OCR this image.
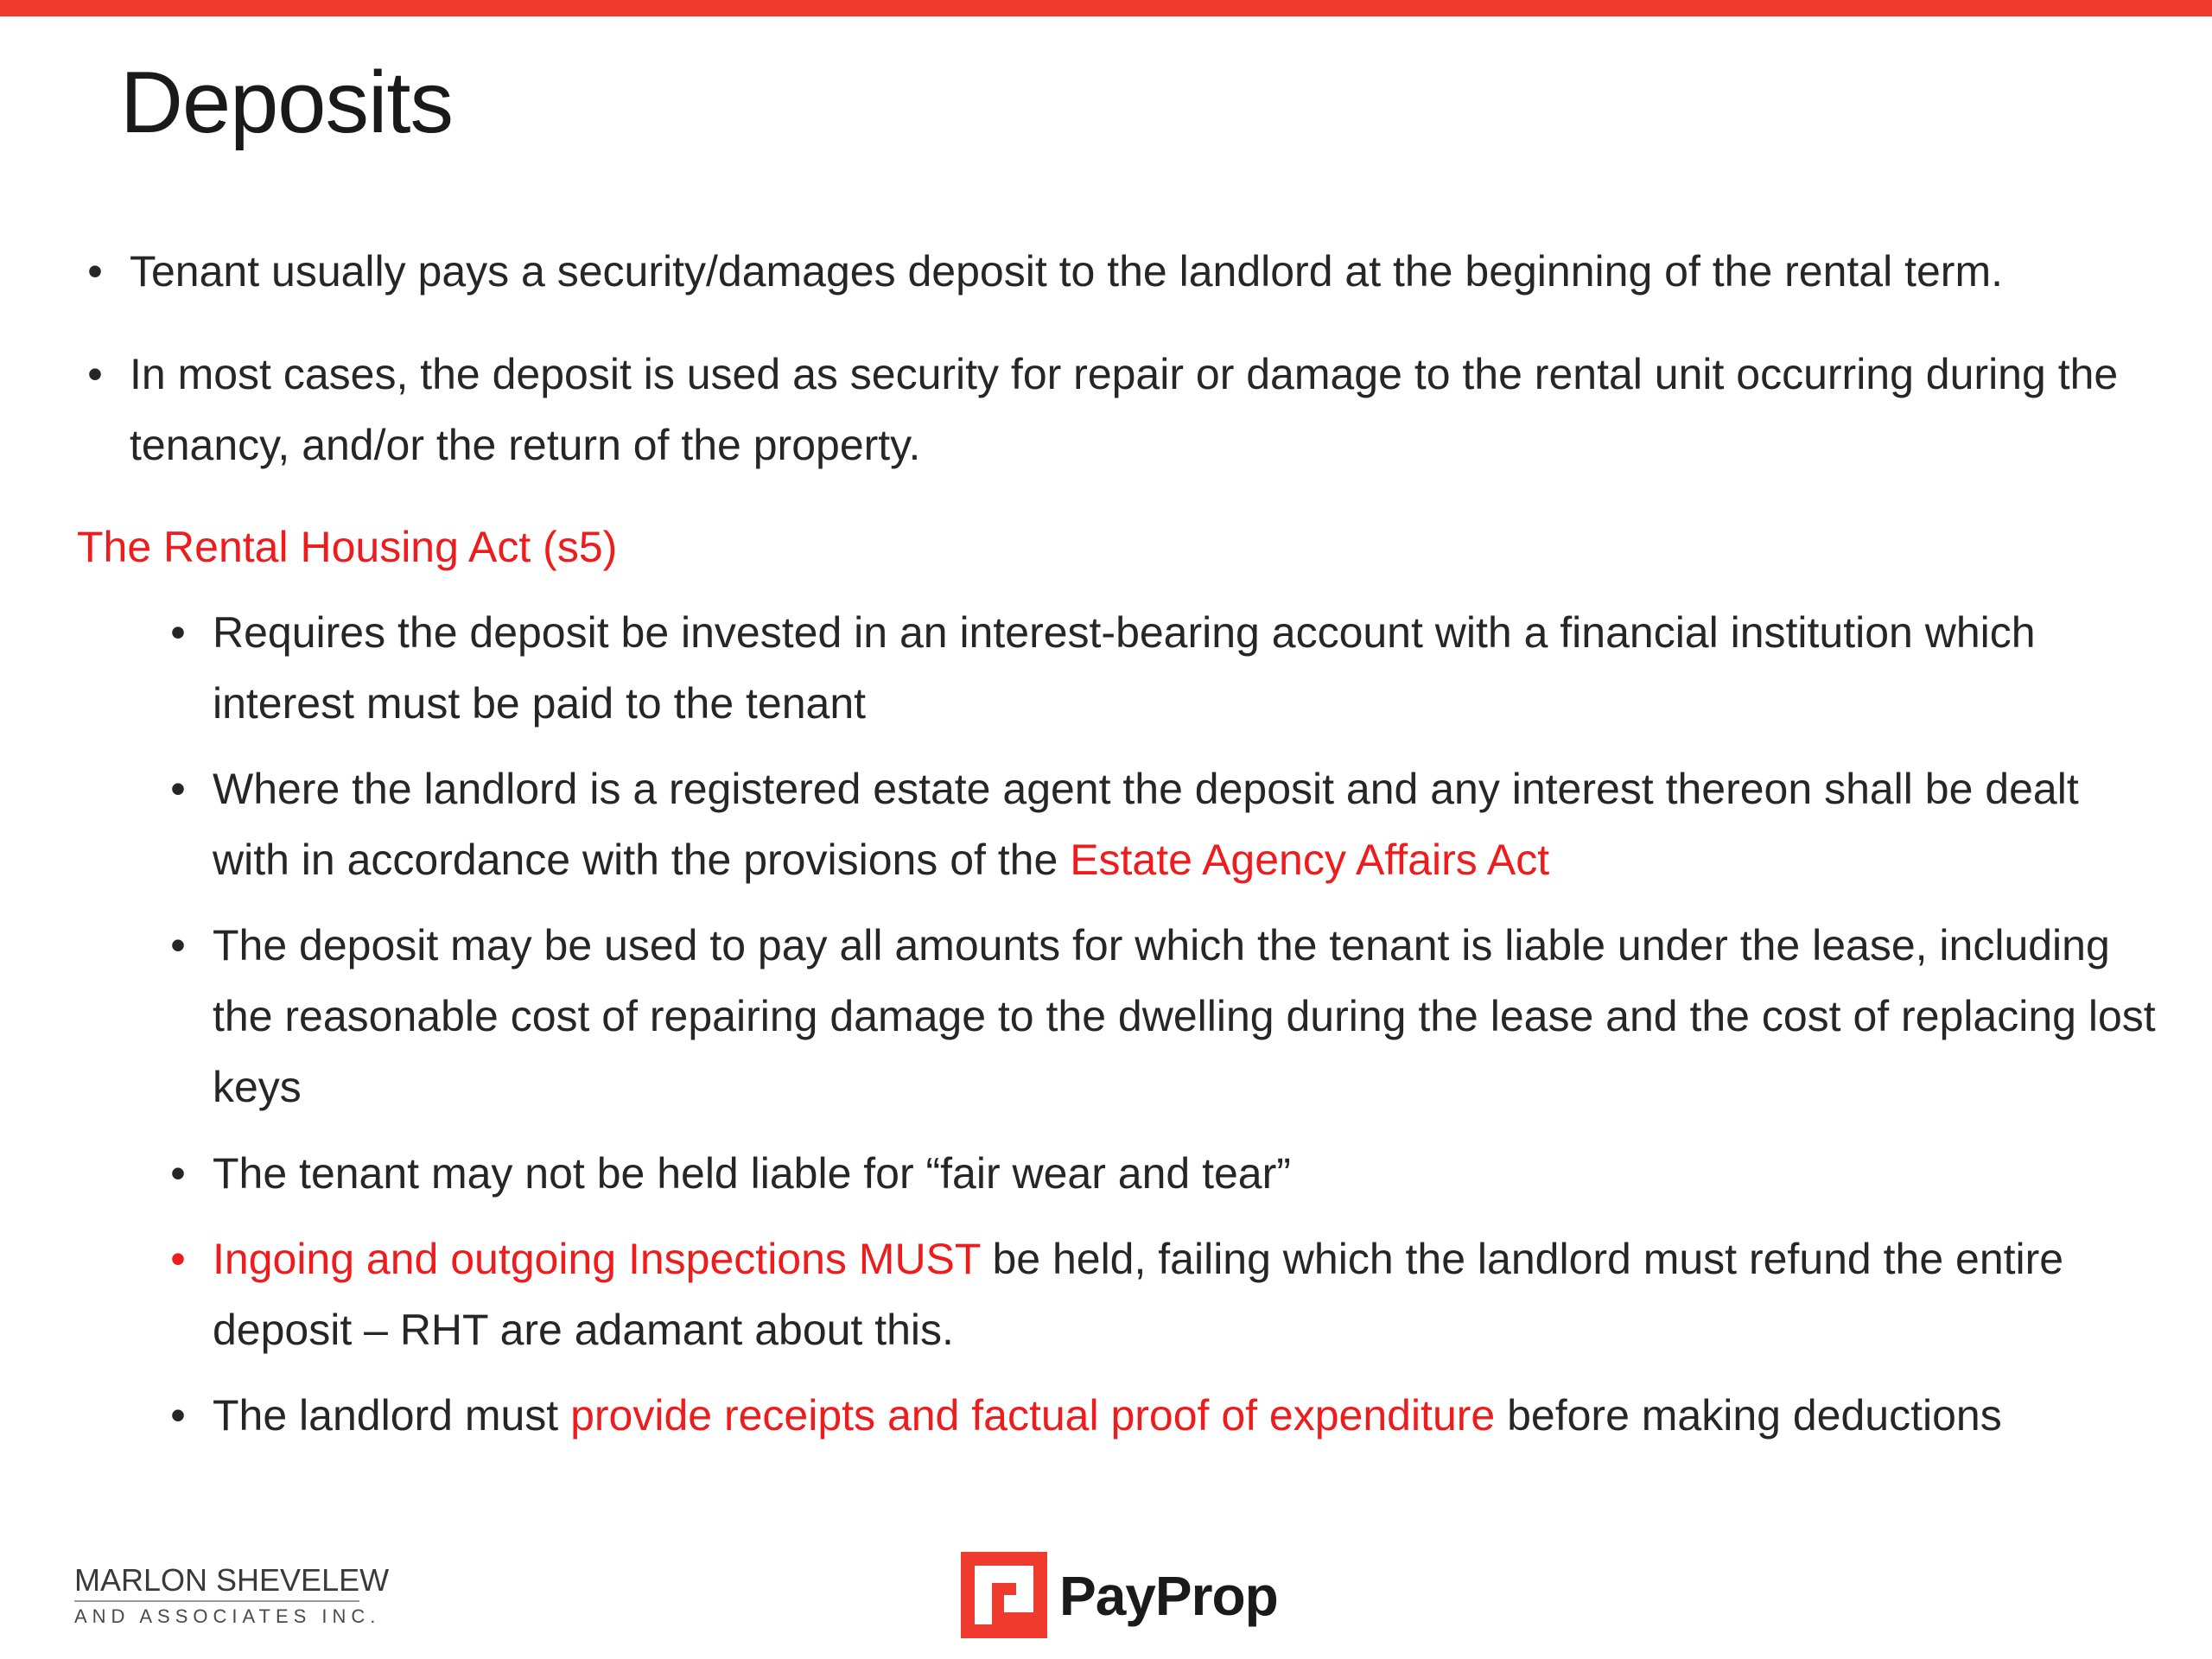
Deposits
• Tenant usually pays a security/damages deposit to the landlord at the beginning of the rental term.
• In most cases, the deposit is used as security for repair or damage to the rental unit occurring during the tenancy, and/or the return of the property.
The Rental Housing Act (s5)
• Requires the deposit be invested in an interest-bearing account with a financial institution which interest must be paid to the tenant
• Where the landlord is a registered estate agent the deposit and any interest thereon shall be dealt with in accordance with the provisions of the Estate Agency Affairs Act
• The deposit may be used to pay all amounts for which the tenant is liable under the lease, including the reasonable cost of repairing damage to the dwelling during the lease and the cost of replacing lost keys
• The tenant may not be held liable for “fair wear and tear”
• Ingoing and outgoing Inspections MUST be held, failing which the landlord must refund the entire deposit – RHT are adamant about this.
• The landlord must provide receipts and factual proof of expenditure before making deductions
MARLON SHEVELEW
AND ASSOCIATES INC.	PayProp
